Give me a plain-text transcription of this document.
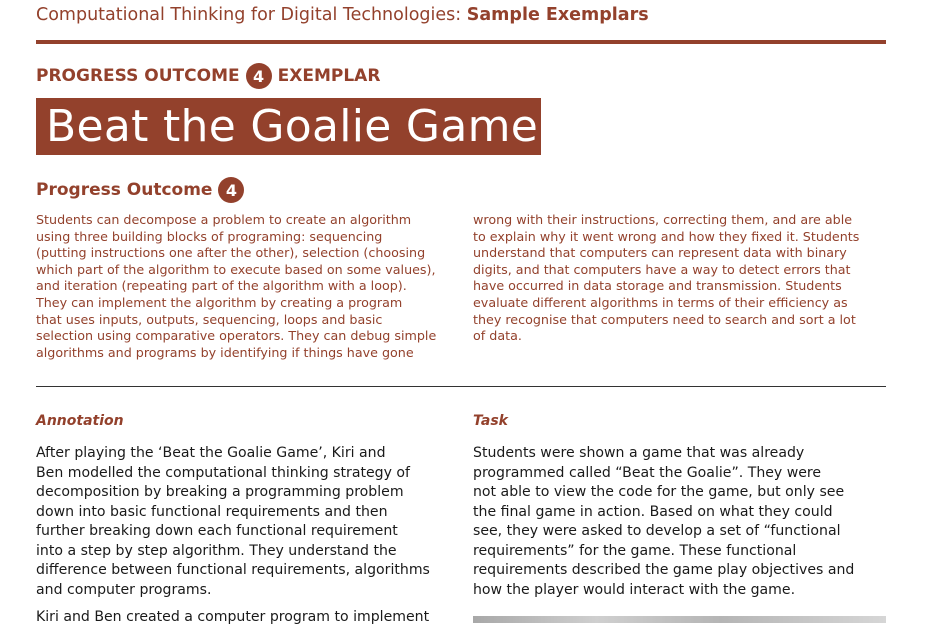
Computational Thinking for Digital Technologies: Sample Exemplars
PROGRESS OUTCOME 4 EXEMPLAR
Beat the Goalie Game
Progress Outcome 4
Students can decompose a problem to create an algorithm
using three building blocks of programing: sequencing
(putting instructions one after the other), selection (choosing
which part of the algorithm to execute based on some values),
and iteration (repeating part of the algorithm with a loop).
They can implement the algorithm by creating a program
that uses inputs, outputs, sequencing, loops and basic
selection using comparative operators. They can debug simple
algorithms and programs by identifying if things have gone
wrong with their instructions, correcting them, and are able
to explain why it went wrong and how they fixed it. Students
understand that computers can represent data with binary
digits, and that computers have a way to detect errors that
have occurred in data storage and transmission. Students
evaluate different algorithms in terms of their efficiency as
they recognise that computers need to search and sort a lot
of data.
Annotation	Task
After playing the ‘Beat the Goalie Game’, Kiri and
Ben modelled the computational thinking strategy of
decomposition by breaking a programming problem
down into basic functional requirements and then
further breaking down each functional requirement
into a step by step algorithm. They understand the
difference between functional requirements, algorithms
and computer programs.
Kiri and Ben created a computer program to implement
Students were shown a game that was already
programmed called “Beat the Goalie”. They were
not able to view the code for the game, but only see
the final game in action. Based on what they could
see, they were asked to develop a set of “functional
requirements” for the game. These functional
requirements described the game play objectives and
how the player would interact with the game.
